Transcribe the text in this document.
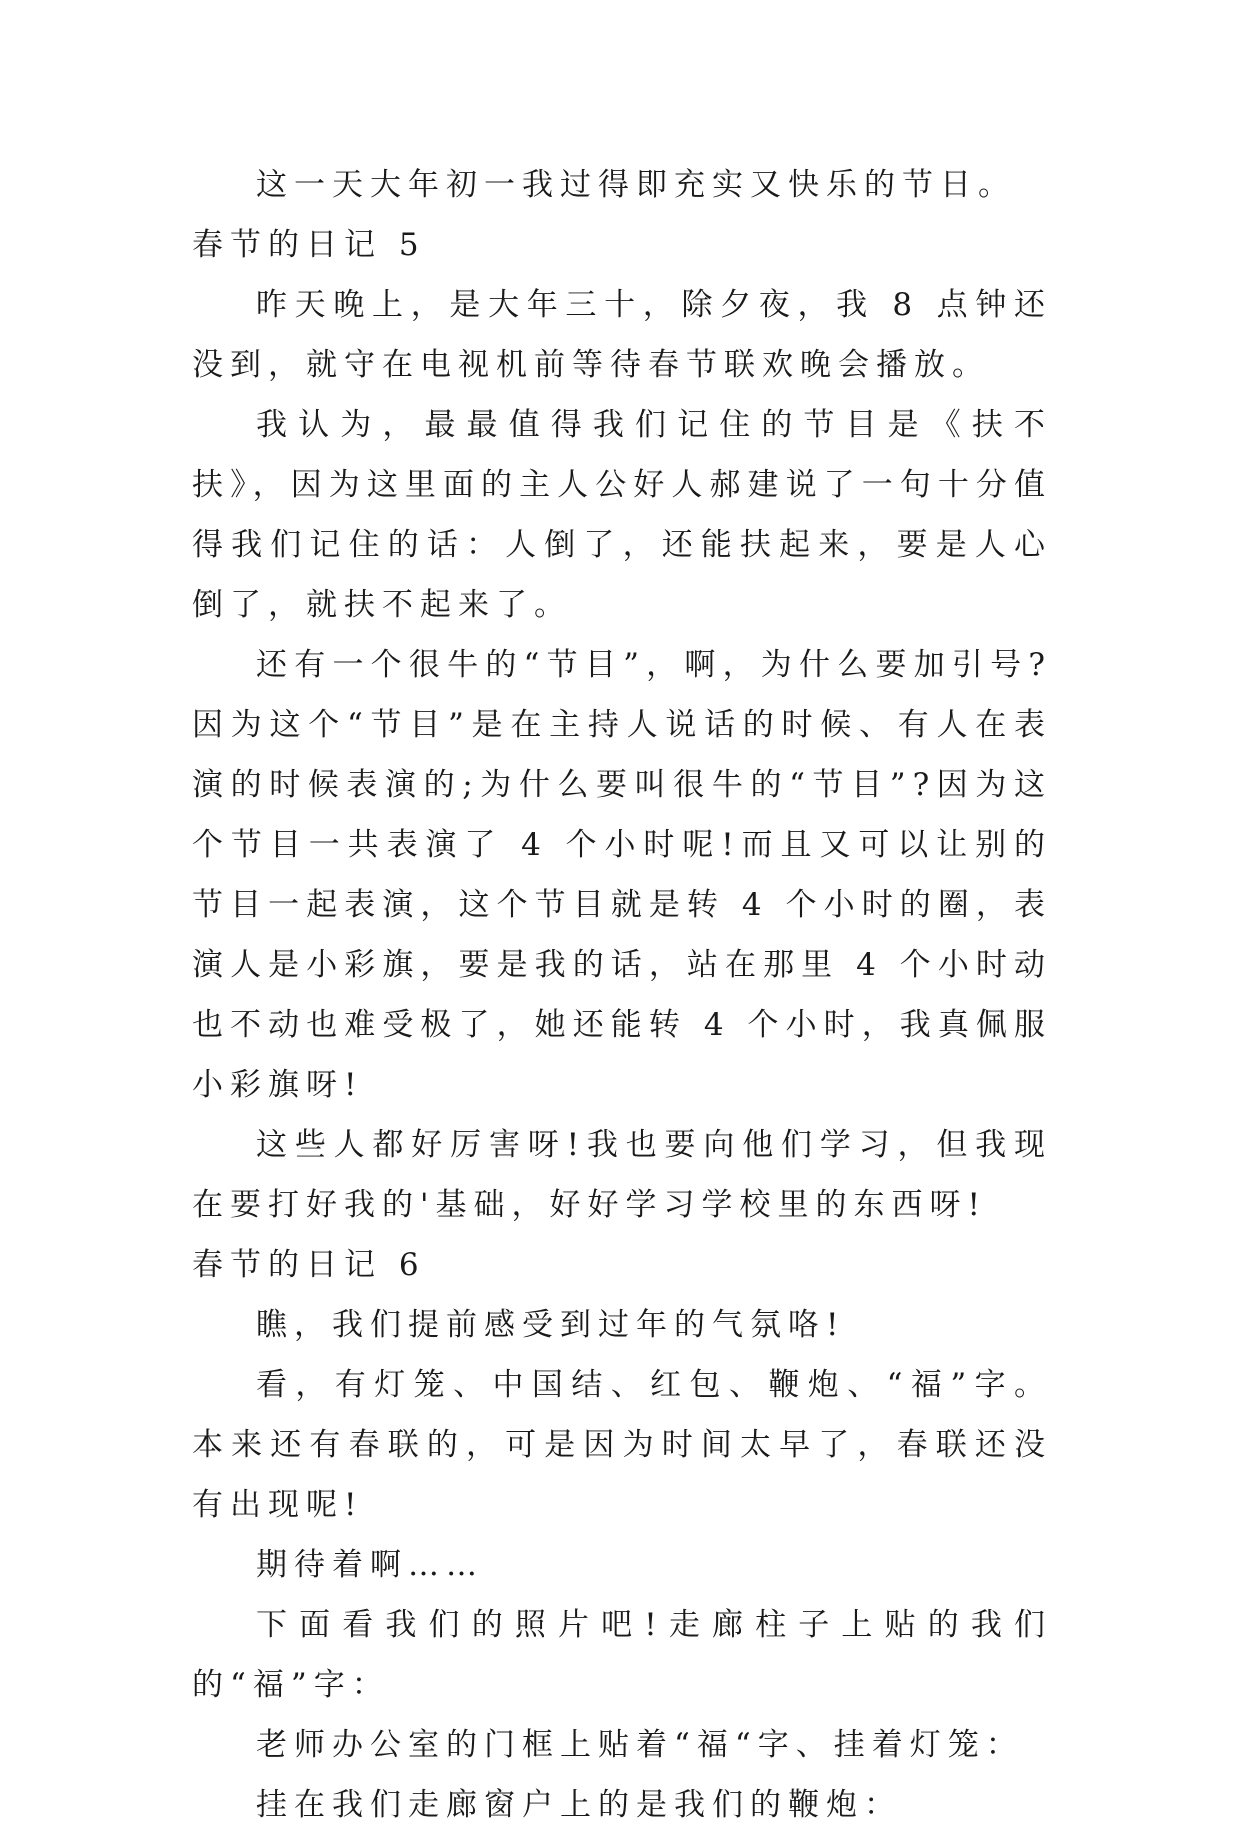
这一天大年初一我过得即充实又快乐的节日。

春节的日记 5

昨天晚上，是大年三十，除夕夜，我 8 点钟还没到，就守在电视机前等待春节联欢晚会播放。

我认为，最最值得我们记住的节目是《扶不扶》，因为这里面的主人公好人郝建说了一句十分值得我们记住的话：人倒了，还能扶起来，要是人心倒了，就扶不起来了。

还有一个很牛的“节目”，啊，为什么要加引号?因为这个“节目”是在主持人说话的时候、有人在表演的时候表演的;为什么要叫很牛的“节目”?因为这个节目一共表演了 4 个小时呢!而且又可以让别的节目一起表演，这个节目就是转 4 个小时的圈，表演人是小彩旗，要是我的话，站在那里 4 个小时动也不动也难受极了，她还能转 4 个小时，我真佩服小彩旗呀!

这些人都好厉害呀!我也要向他们学习，但我现在要打好我的'基础，好好学习学校里的东西呀!

春节的日记 6

瞧，我们提前感受到过年的气氛咯!

看，有灯笼、中国结、红包、鞭炮、“福”字。本来还有春联的，可是因为时间太早了，春联还没有出现呢!

期待着啊……

下面看我们的照片吧!走廊柱子上贴的我们的“福”字：

老师办公室的门框上贴着“福“字、挂着灯笼：

挂在我们走廊窗户上的是我们的鞭炮：
